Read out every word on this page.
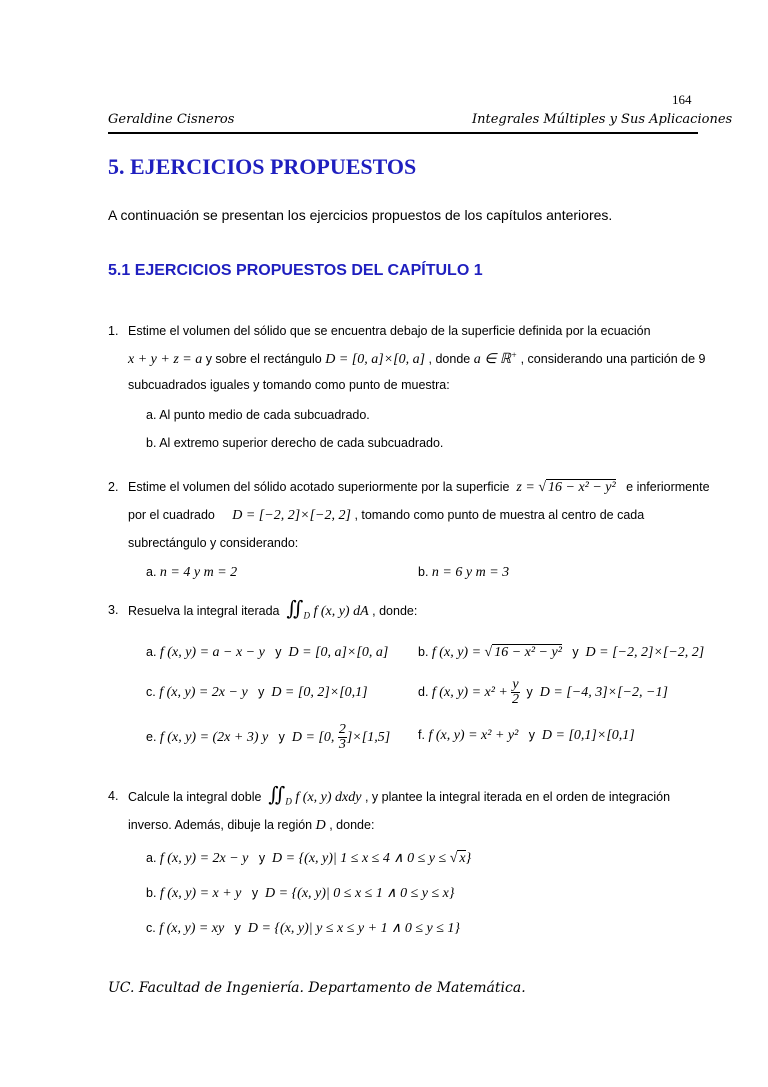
164
Geraldine Cisneros	Integrales Múltiples y Sus Aplicaciones
5. EJERCICIOS PROPUESTOS
A continuación se presentan los ejercicios propuestos de los capítulos anteriores.
5.1 EJERCICIOS PROPUESTOS DEL CAPÍTULO 1
1. Estime el volumen del sólido que se encuentra debajo de la superficie definida por la ecuación
x + y + z = a y sobre el rectángulo D = [0, a]×[0, a] , donde a ∈ ℝ+ , considerando una partición de 9
subcuadrados iguales y tomando como punto de muestra:
a. Al punto medio de cada subcuadrado.
b. Al extremo superior derecho de cada subcuadrado.
2. Estime el volumen del sólido acotado superiormente por la superficie z = √ 16 − x² − y² e inferiormente
por el cuadrado D = [−2, 2]×[−2, 2] , tomando como punto de muestra al centro de cada
subrectángulo y considerando:
a. n = 4 y m = 2	b. n = 6 y m = 3
3. Resuelva la integral iterada $∬_D$ f (x, y) dA , donde:
a. f (x, y) = a − x − y y D = [0, a]×[0, a] b. f (x, y) = √ 16 − x² − y² y D = [−2, 2]×[−2, 2]
c. f (x, y) = 2x − y y D = [0, 2]×[0,1]	d. f (x, $y) = x^2 + \frac{y}{2}$ y D = [−4, 3]×[−2, −1]
e. f (x, y) = (2x + 3) y y D = [0, $\frac{2}{3} ]\times[1,5]$ f. f (x, y) = x² + y² y D = [0,1]×[0,1]
4. Calcule la integral doble $∬_D$ f (x, y) dxdy , y plantee la integral iterada en el orden de integración
inverso. Además, dibuje la región D , donde:
a. f (x, y) = 2x − y y D = {(x, y)| 1 ≤ x ≤ 4 ∧ 0 ≤ y ≤ √ x}
b. f (x, y) = x + y y D = {(x, y)| 0 ≤ x ≤ 1 ∧ 0 ≤ y ≤ x}
c. f (x, y) = xy y D = {(x, y)| y ≤ x ≤ y + 1 ∧ 0 ≤ y ≤ 1}
UC. Facultad de Ingeniería. Departamento de Matemática.
